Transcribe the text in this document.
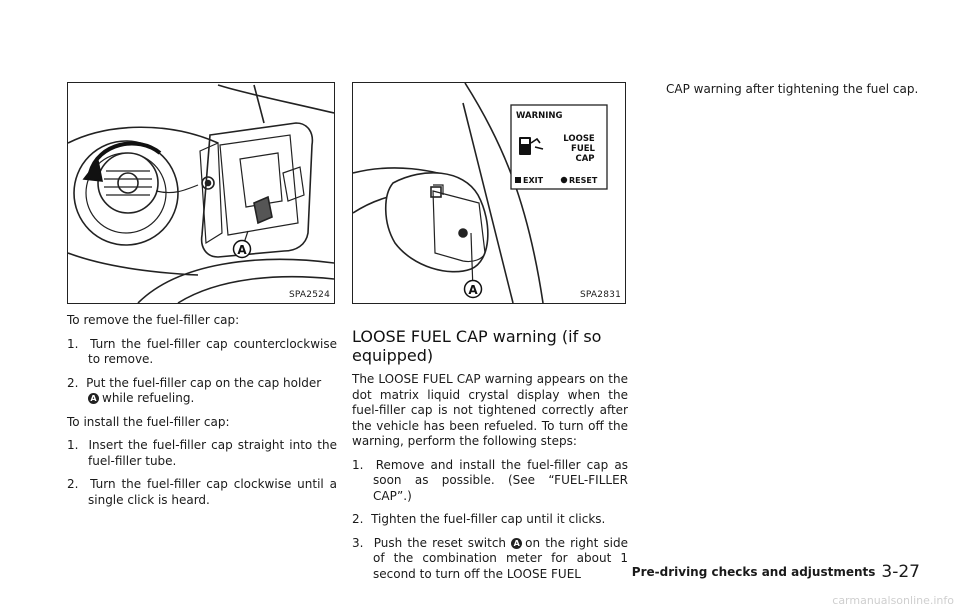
A
SPA2524
WARNING
LOOSE
FUEL
CAP
EXIT	RESET
A	SPA2831

To remove the fuel-filler cap:

1. Turn the fuel-filler cap counterclockwise to remove.
2. Put the fuel-filler cap on the cap holder
A while refueling.

To install the fuel-filler cap:

1. Insert the fuel-filler cap straight into the fuel-filler tube.
2. Turn the fuel-filler cap clockwise until a single click is heard.
LOOSE FUEL CAP warning (if so equipped)

The LOOSE FUEL CAP warning appears on the dot matrix liquid crystal display when the fuel-filler cap is not tightened correctly after the vehicle has been refueled. To turn off the warning, perform the following steps:

1. Remove and install the fuel-filler cap as soon as possible. (See “FUEL-FILLER CAP”.)
2. Tighten the fuel-filler cap until it clicks.
3. Push the reset switch A on the right side of the combination meter for about 1 second to turn off the LOOSE FUEL

CAP warning after tightening the fuel cap.

Pre-driving checks and adjustments 3-27
carmanualsonline.info
